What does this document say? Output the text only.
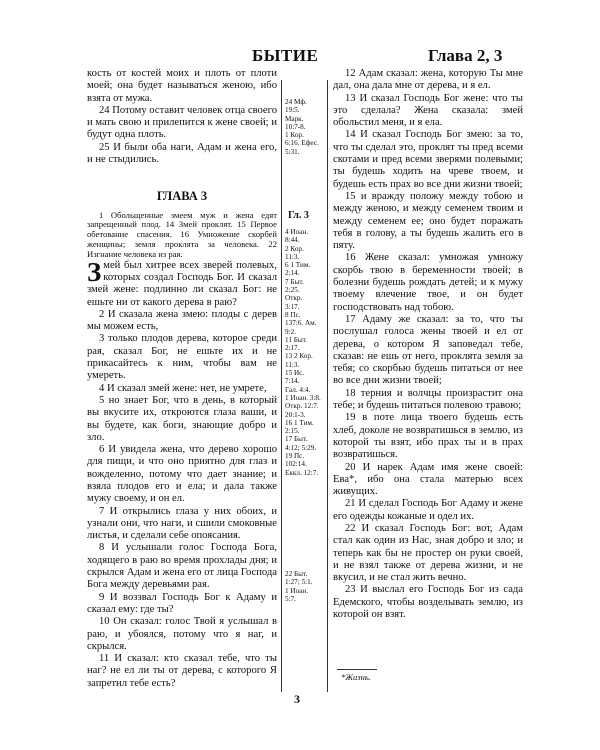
БЫТИЕ	Глава 2, 3

кость от костей моих и плоть от плоти моей; она будет называться женою, ибо взята от мужа.

24 Потому оставит человек отца своего и мать свою и прилепится к жене своей; и будут одна плоть.

25 И были оба наги, Адам и жена его, и не стыдились.

ГЛАВА 3

1 Обольщенные змеем муж и жена едят запрещенный плод. 14 Змей проклят. 15 Первое обетование спасения. 16 Умножение скорбей женщины; земля проклята за человека. 22 Изгнание человека из рая.

Змей был хитрее всех зверей полевых, которых создал Господь Бог. И сказал змей жене: подлинно ли сказал Бог: не ешьте ни от какого дерева в раю?

2 И сказала жена змею: плоды с дерев мы можем есть,

3 только плодов дерева, которое среди рая, сказал Бог, не ешьте их и не прикасайтесь к ним, чтобы вам не умереть.

4 И сказал змей жене: нет, не умрете,

5 но знает Бог, что в день, в который вы вкусите их, откроются глаза ваши, и вы будете, как боги, знающие добро и зло.

6 И увидела жена, что дерево хорошо для пищи, и что оно приятно для глаз и вожделенно, потому что дает знание; и взяла плодов его и ела; и дала также мужу своему, и он ел.

7 И открылись глаза у них обоих, и узнали они, что наги, и сшили смоковные листья, и сделали себе опоясания.

8 И услышали голос Господа Бога, ходящего в раю во время прохлады дня; и скрылся Адам и жена его от лица Господа Бога между деревьями рая.

9 И воззвал Господь Бог к Адаму и сказал ему: где ты?

10 Он сказал: голос Твой я услышал в раю, и убоялся, потому что я наг, и скрылся.

11 И сказал: кто сказал тебе, что ты наг? не ел ли ты от дерева, с которого Я запретил тебе есть?

24 Мф.
19:5.
Марк.
10:7-8.
1 Кор.
6:16. Ефес.
5:31.
Гл. 3
4 Иоан.
8:44.
2 Кор.
11:3.
6 1 Тим.
2:14.
7 Быт.
2:25.
Откр.
3:17.
8 Пс.
137:6. Ам.
9:2.
11 Быт.
2:17.
13 2 Кор.
11:3.
15 Ис.
7:14.
Гал. 4:4.
1 Иоан. 3:8.
Откр. 12:7.
20:1-3.
16 1 Тим.
2:15.
17 Быт.
4:12; 5:29.
19 Пс.
102:14.
Еккл. 12:7.
22 Быт.
1:27; 5:1.
1 Иоан.
5:7.

12 Адам сказал: жена, которую Ты мне дал, она дала мне от дерева, и я ел.

13 И сказал Господь Бог жене: что ты это сделала? Жена сказала: змей обольстил меня, и я ела.

14 И сказал Господь Бог змею: за то, что ты сделал это, проклят ты пред всеми скотами и пред всеми зверями полевыми; ты будешь ходить на чреве твоем, и будешь есть прах во все дни жизни твоей;

15 и вражду положу между тобою и между женою, и между семенем твоим и между семенем ее; оно будет поражать тебя в голову, а ты будешь жалить его в пяту.

16 Жене сказал: умножая умножу скорбь твою в беременности твоей; в болезни будешь рождать детей; и к мужу твоему влечение твое, и он будет господствовать над тобою.

17 Адаму же сказал: за то, что ты послушал голоса жены твоей и ел от дерева, о котором Я заповедал тебе, сказав: не ешь от него, проклята земля за тебя; со скорбью будешь питаться от нее во все дни жизни твоей;

18 терния и волчцы произрастит она тебе; и будешь питаться полевою травою;

19 в поте лица твоего будешь есть хлеб, доколе не возвратишься в землю, из которой ты взят, ибо прах ты и в прах возвратишься.

20 И нарек Адам имя жене своей: Ева*, ибо она стала матерью всех живущих.

21 И сделал Господь Бог Адаму и жене его одежды кожаные и одел их.

22 И сказал Господь Бог: вот, Адам стал как один из Нас, зная добро и зло; и теперь как бы не простер он руки своей, и не взял также от дерева жизни, и не вкусил, и не стал жить вечно.

23 И выслал его Господь Бог из сада Едемского, чтобы возделывать землю, из которой он взят.

*Жизнь.
3
